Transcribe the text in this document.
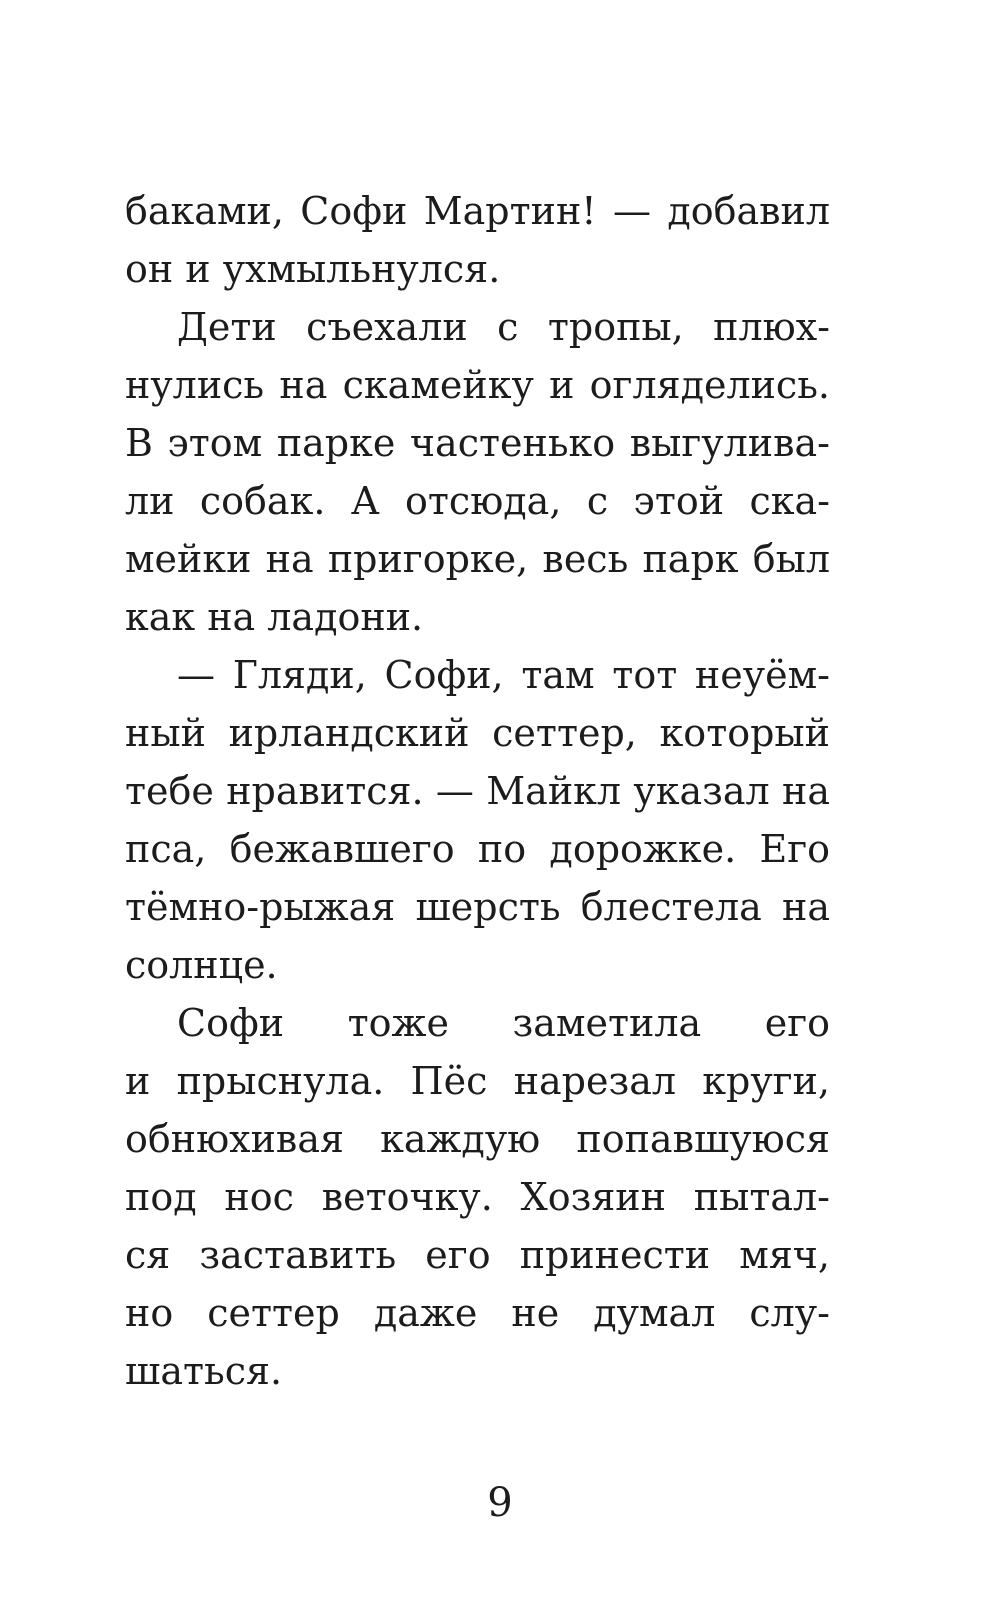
баками, Софи Мартин! — добавил
он и ухмыльнулся.
Дети съехали с тропы, плюх-
нулись на скамейку и огляделись.
В этом парке частенько выгулива-
ли собак. А отсюда, с этой ска-
мейки на пригорке, весь парк был
как на ладони.
— Гляди, Софи, там тот неуём-
ный ирландский сеттер, который
тебе нравится. — Майкл указал на
пса, бежавшего по дорожке. Его
тёмно-рыжая шерсть блестела на
солнце.
Софи тоже заметила его
и прыснула. Пёс нарезал круги,
обнюхивая каждую попавшуюся
под нос веточку. Хозяин пытал-
ся заставить его принести мяч,
но сеттер даже не думал слу-
шаться.
9
